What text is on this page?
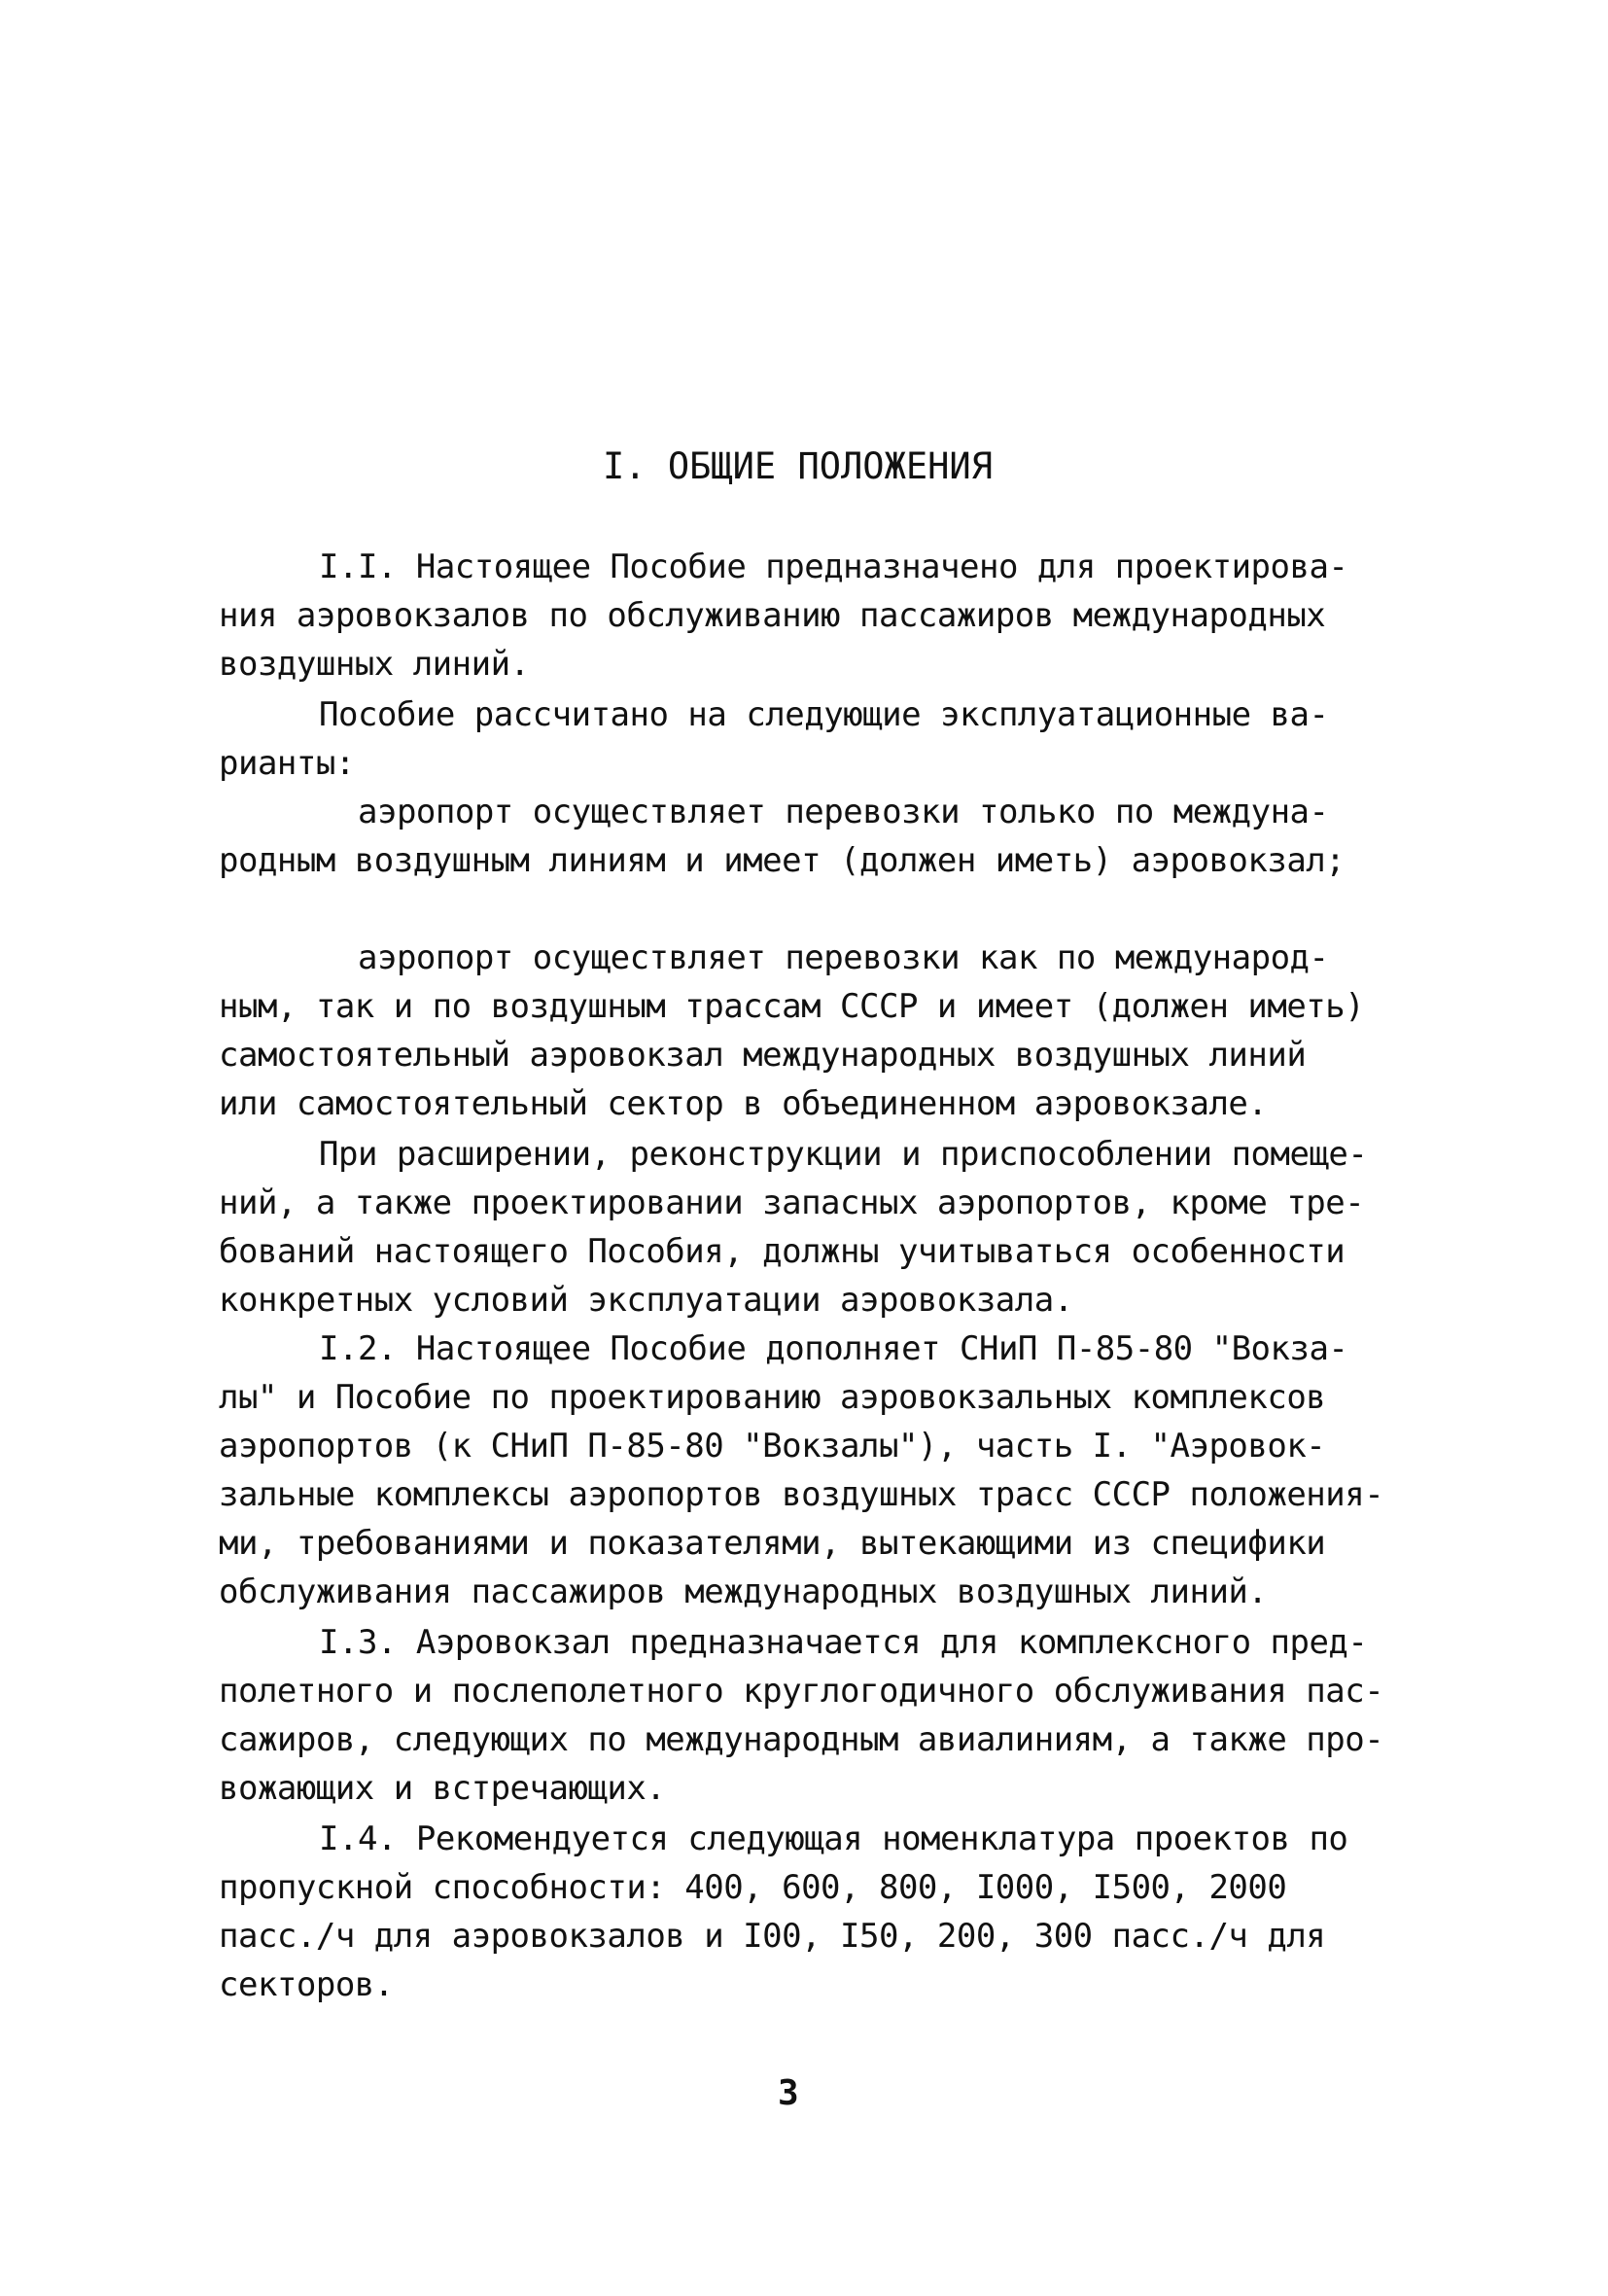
I. ОБЩИЕ ПОЛОЖЕНИЯ
I.I. Настоящее Пособие предназначено для проектирова-
ния аэровокзалов по обслуживанию пассажиров международных
воздушных линий.
Пособие рассчитано на следующие эксплуатационные ва-
рианты:
аэропорт осуществляет перевозки только по междуна-
родным воздушным линиям и имеет (должен иметь) аэровокзал;
аэропорт осуществляет перевозки как по международ-
ным, так и по воздушным трассам СССР и имеет (должен иметь)
самостоятельный аэровокзал международных воздушных линий
или самостоятельный сектор в объединенном аэровокзале.
При расширении, реконструкции и приспособлении помеще-
ний, а также проектировании запасных аэропортов, кроме тре-
бований настоящего Пособия, должны учитываться особенности
конкретных условий эксплуатации аэровокзала.
I.2. Настоящее Пособие дополняет СНиП П-85-80 "Вокза-
лы" и Пособие по проектированию аэровокзальных комплексов
аэропортов (к СНиП П-85-80 "Вокзалы"), часть I. "Аэровок-
зальные комплексы аэропортов воздушных трасс СССР положения-
ми, требованиями и показателями, вытекающими из специфики
обслуживания пассажиров международных воздушных линий.
I.3. Аэровокзал предназначается для комплексного пред-
полетного и послеполетного круглогодичного обслуживания пас-
сажиров, следующих по международным авиалиниям, а также про-
вожающих и встречающих.
I.4. Рекомендуется следующая номенклатура проектов по
пропускной способности: 400, 600, 800, I000, I500, 2000
пасс./ч для аэровокзалов и I00, I50, 200, 300 пасс./ч для
секторов.
3
